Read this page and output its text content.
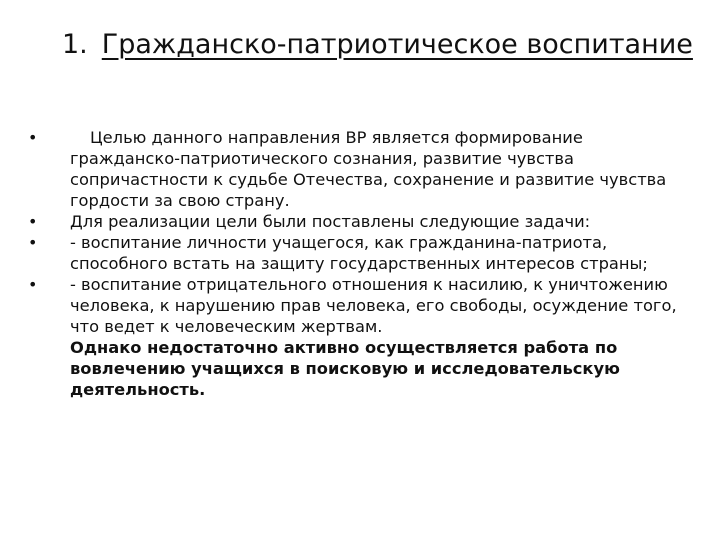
1. Гражданско-патриотическое воспитание
•	Целью данного направления ВР является формирование гражданско-патриотического сознания, развитие чувства сопричастности к судьбе Отечества, сохранение и развитие чувства гордости за свою страну.

•	Для реализации цели были поставлены следующие задачи:

•	- воспитание личности учащегося, как гражданина-патриота, способного встать на защиту государственных интересов страны;

•	- воспитание отрицательного отношения к насилию, к уничтожению человека, к нарушению прав человека, его свободы, осуждение того, что ведет к человеческим жертвам.

Однако недостаточно активно осуществляется работа по вовлечению учащихся в поисковую и исследовательскую деятельность.
